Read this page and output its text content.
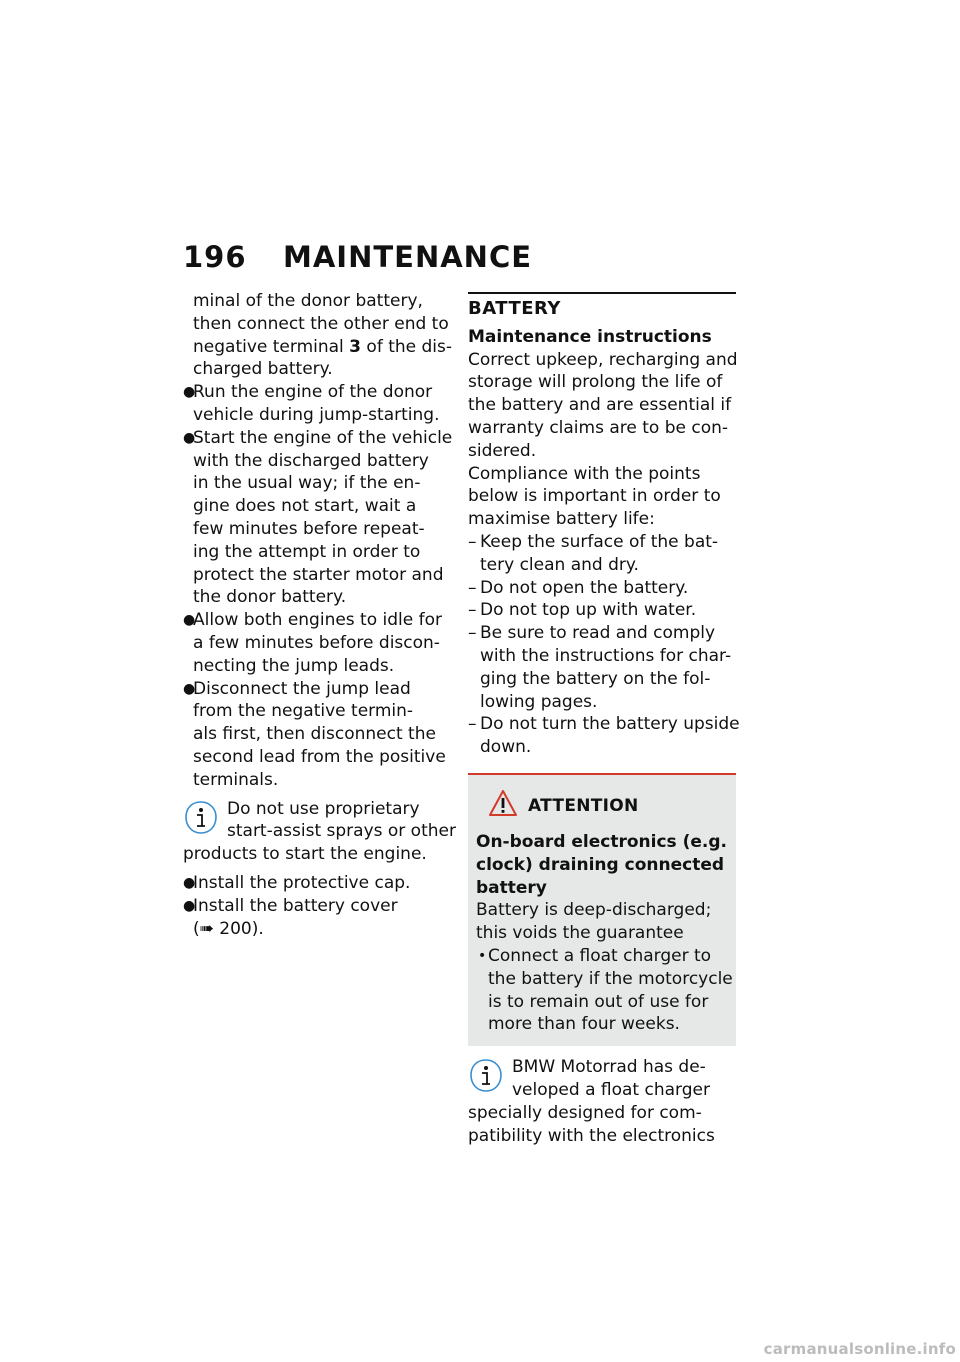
196 MAINTENANCE
minal of the donor battery,
then connect the other end to
negative terminal 3 of the dis-
charged battery.
●
Run the engine of the donor
vehicle during jump-starting.
●
Start the engine of the vehicle
with the discharged battery
in the usual way; if the en-
gine does not start, wait a
few minutes before repeat-
ing the attempt in order to
protect the starter motor and
the donor battery.
●
Allow both engines to idle for
a few minutes before discon-
necting the jump leads.
●
Disconnect the jump lead
from the negative termin-
als first, then disconnect the
second lead from the positive
terminals.
Do not use proprietary
start-assist sprays or other
products to start the engine.
●
Install the protective cap.
●
Install the battery cover
(➠ 200).
BATTERY
Maintenance instructions
Correct upkeep, recharging and
storage will prolong the life of
the battery and are essential if
warranty claims are to be con-
sidered.
Compliance with the points
below is important in order to
maximise battery life:
– Keep the surface of the bat-
tery clean and dry.
– Do not open the battery.
– Do not top up with water.
– Be sure to read and comply
with the instructions for char-
ging the battery on the fol-
lowing pages.
– Do not turn the battery upside
down.
ATTENTION
On-board electronics (e.g.
clock) draining connected
battery
Battery is deep-discharged;
this voids the guarantee
• Connect a float charger to
the battery if the motorcycle
is to remain out of use for
more than four weeks.
BMW Motorrad has de-
veloped a float charger
specially designed for com-
patibility with the electronics
carmanualsonline.info
